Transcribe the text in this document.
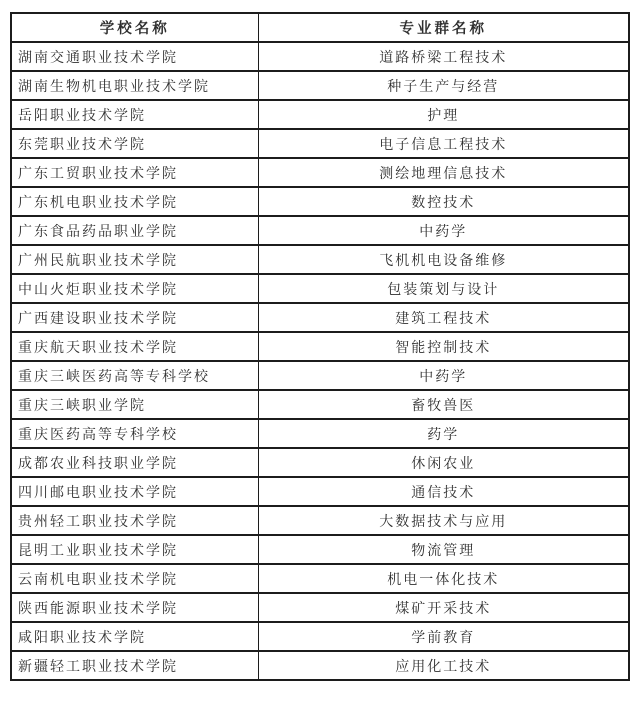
学校名称	专业群名称
湖南交通职业技术学院	道路桥梁工程技术
湖南生物机电职业技术学院	种子生产与经营
岳阳职业技术学院	护理
东莞职业技术学院	电子信息工程技术
广东工贸职业技术学院	测绘地理信息技术
广东机电职业技术学院	数控技术
广东食品药品职业学院	中药学
广州民航职业技术学院	飞机机电设备维修
中山火炬职业技术学院	包装策划与设计
广西建设职业技术学院	建筑工程技术
重庆航天职业技术学院	智能控制技术
重庆三峡医药高等专科学校	中药学
重庆三峡职业学院	畜牧兽医
重庆医药高等专科学校	药学
成都农业科技职业学院	休闲农业
四川邮电职业技术学院	通信技术
贵州轻工职业技术学院	大数据技术与应用
昆明工业职业技术学院	物流管理
云南机电职业技术学院	机电一体化技术
陕西能源职业技术学院	煤矿开采技术
咸阳职业技术学院	学前教育
新疆轻工职业技术学院	应用化工技术
